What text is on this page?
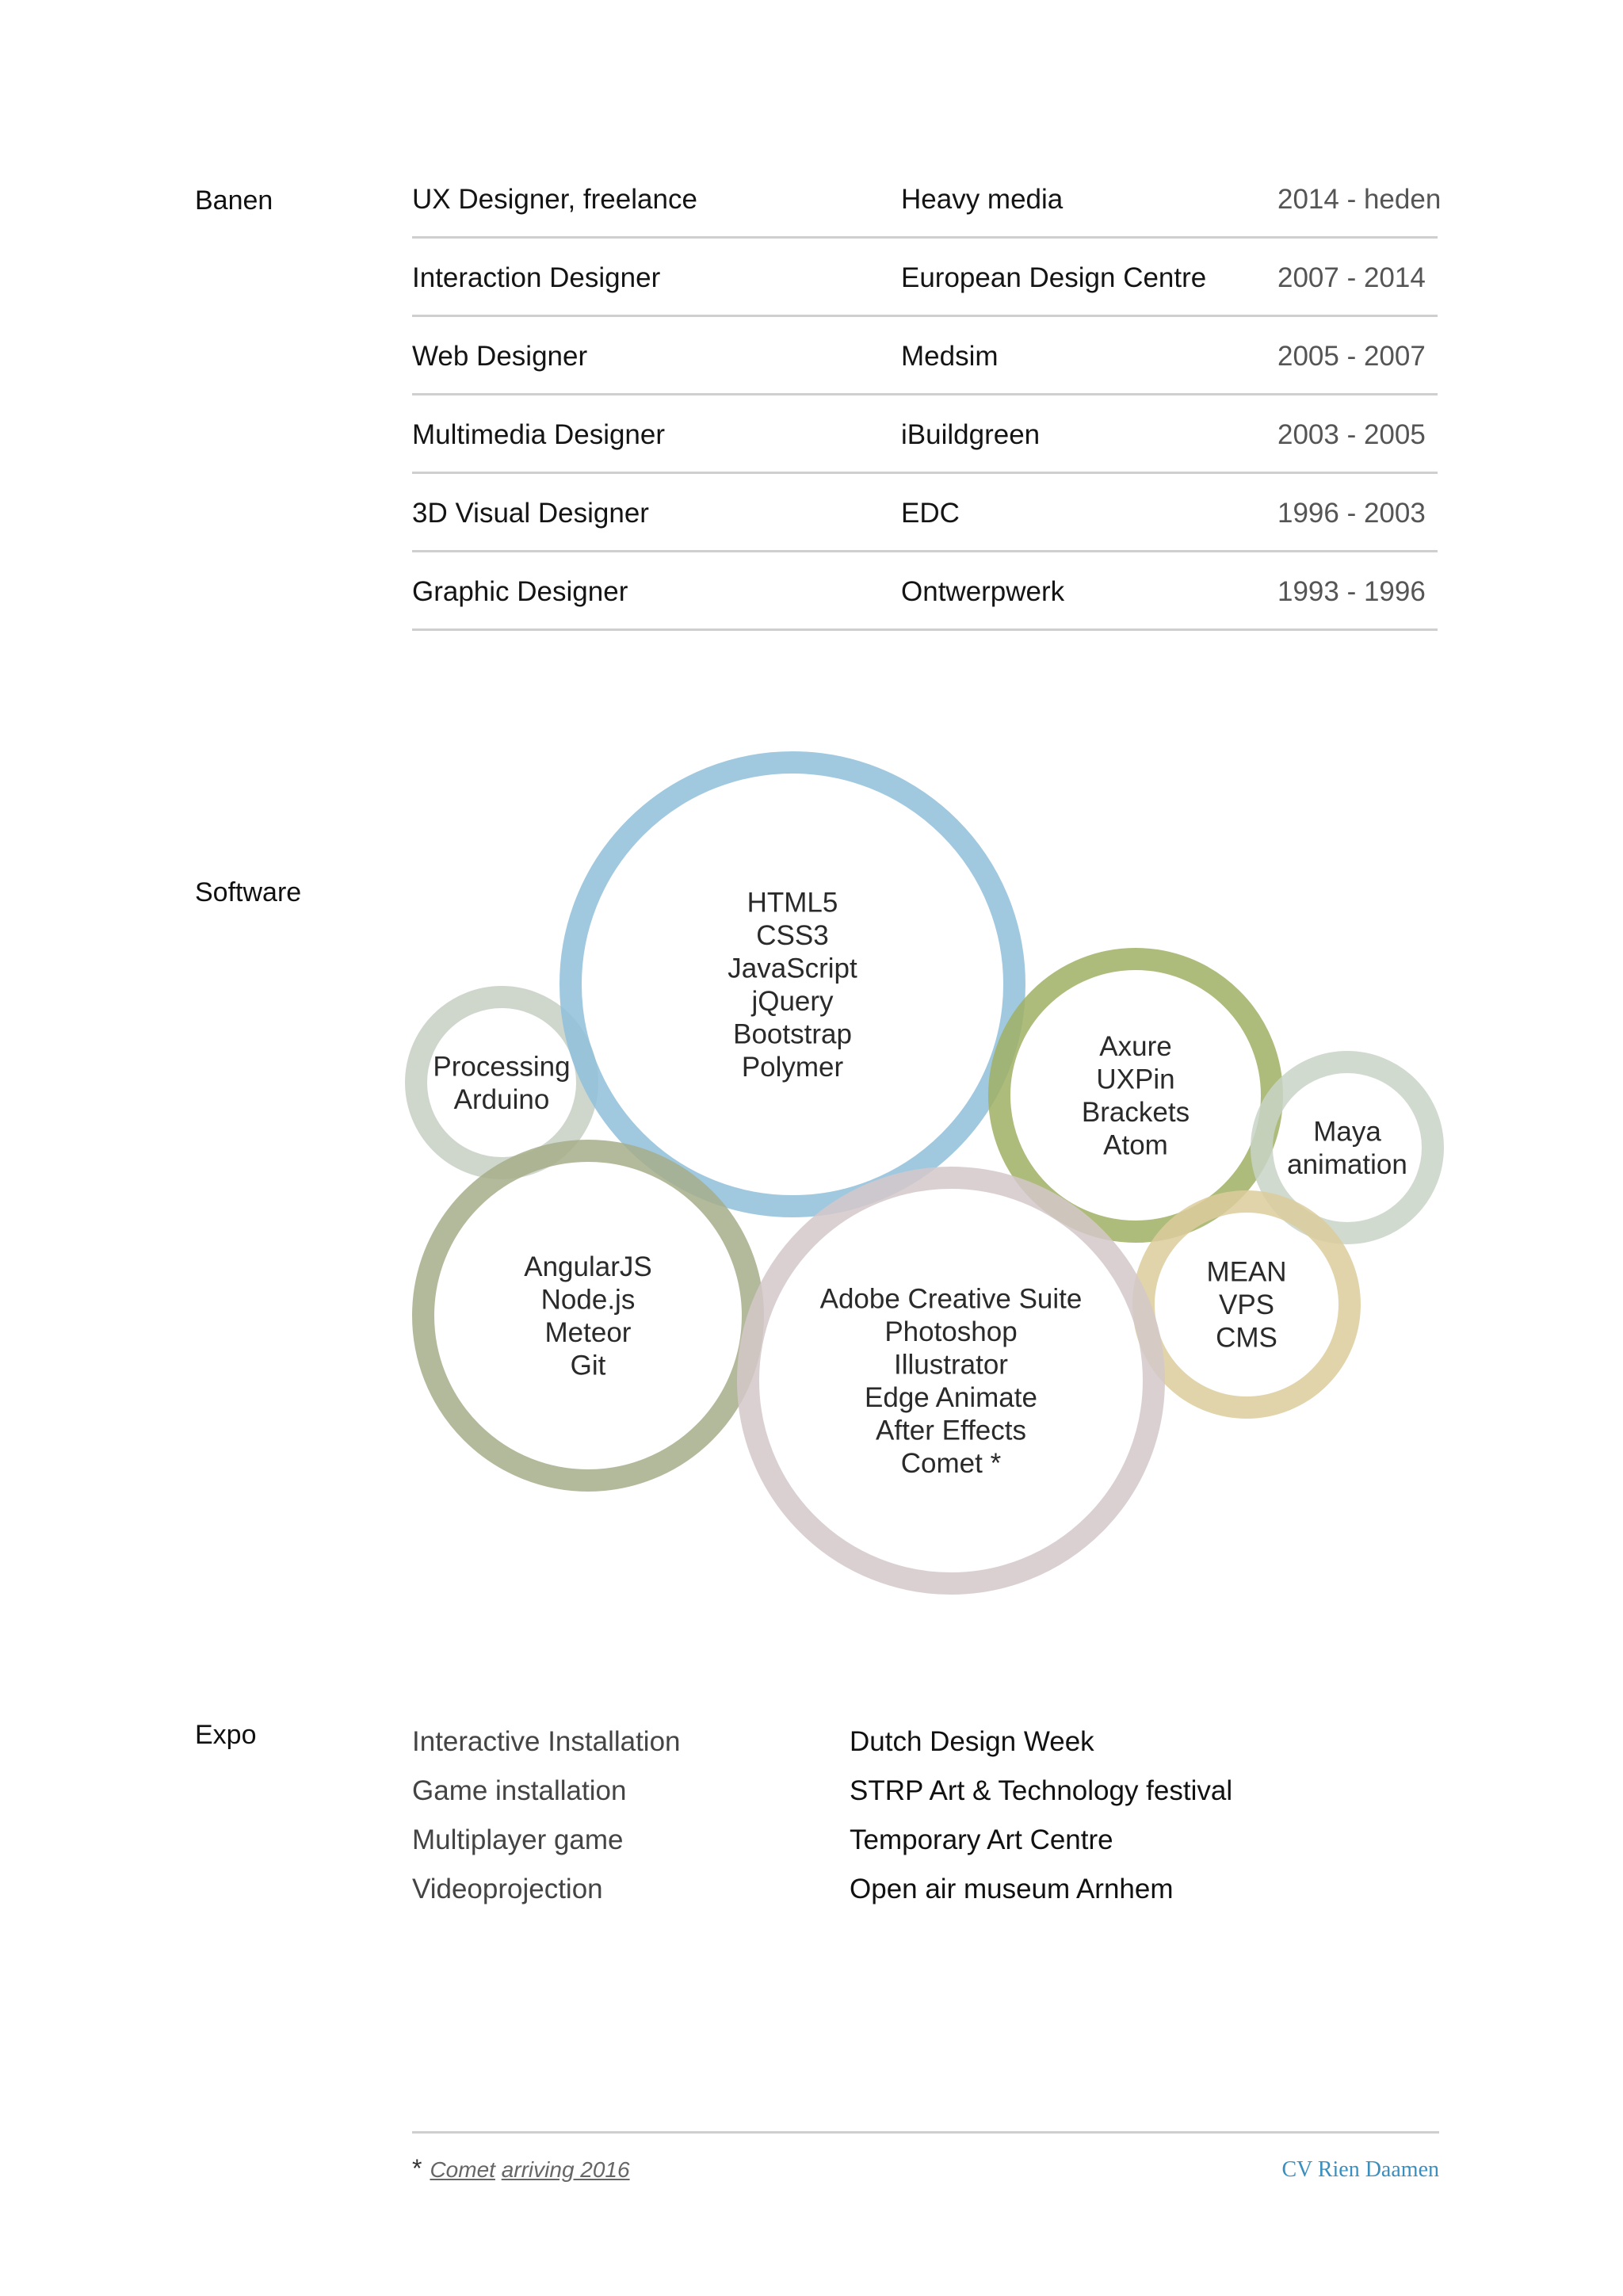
Banen	UX Designer, freelance	Heavy media	2014 - heden
Interaction Designer	European Design Centre	2007 - 2014
Web Designer	Medsim	2005 - 2007
Multimedia Designer	iBuildgreen	2003 - 2005
3D Visual Designer	EDC	1996 - 2003
Graphic Designer	Ontwerpwerk	1993 - 1996
Software
Processing
Arduino
HTML5
CSS3
JavaScript
jQuery
Bootstrap
Polymer
Axure
UXPin
Brackets
Atom	Maya
animation
MEAN
VPS
CMS
AngularJS
Node.js
Meteor
Git
Adobe Creative Suite
Photoshop
Illustrator
Edge Animate
After Effects
Comet *
Expo	Interactive Installation	Dutch Design Week
Game installation	STRP Art & Technology festival
Multiplayer game	Temporary Art Centre
Videoprojection	Open air museum Arnhem
* Comet arriving 2016	CV Rien Daamen
